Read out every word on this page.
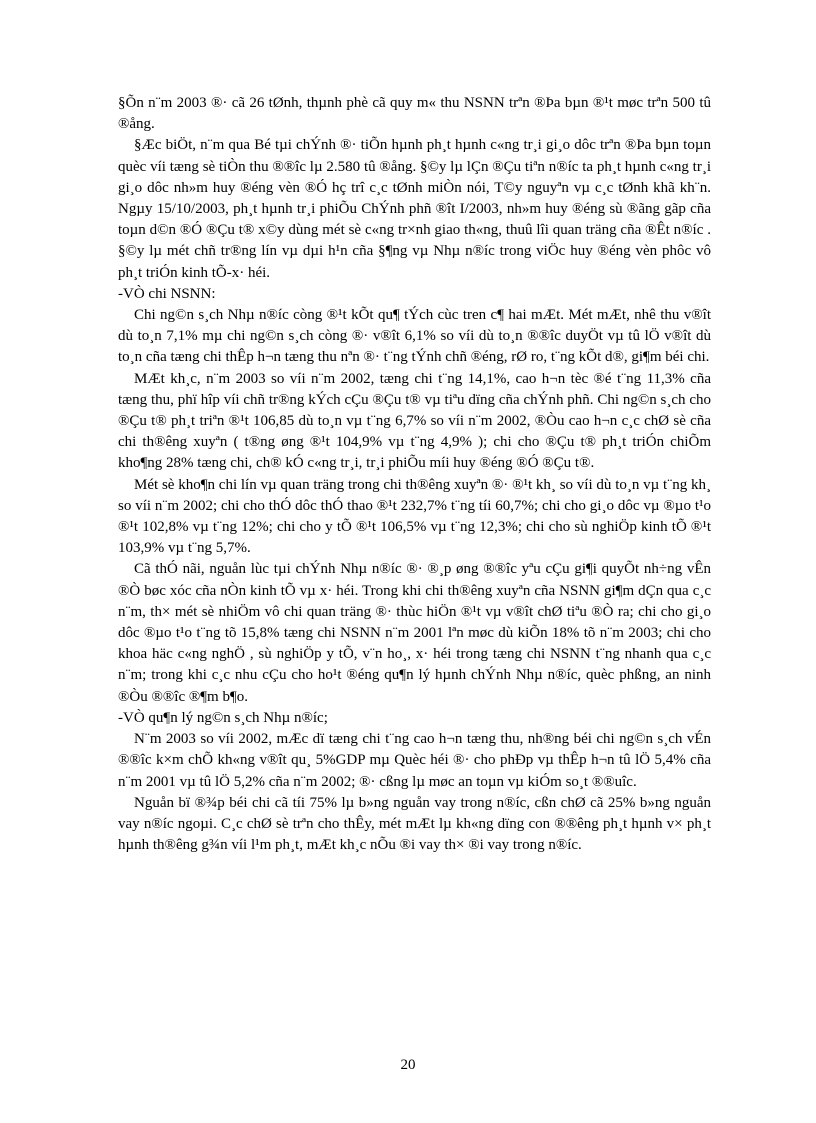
§Õn n¨m 2003 ®· cã 26 tØnh, thµnh phè cã quy m« thu NSNN trªn ®Þa bµn ®¹t møc trªn 500 tû ®ång.

§Æc biÖt, n¨m qua Bé tµi chÝnh ®· tiÕn hµnh ph¸t hµnh c«ng tr¸i gi¸o dôc trªn ®Þa bµn toµn quèc víi tæng sè tiÒn thu ®®îc lµ 2.580 tû ®ång. §©y lµ lÇn ®Çu tiªn n®íc ta ph¸t hµnh c«ng tr¸i gi¸o dôc nh»m huy ®éng vèn ®Ó hç trî c¸c tØnh miÒn nói, T©y nguyªn vµ c¸c tØnh khã kh¨n. Ngµy 15/10/2003, ph¸t hµnh tr¸i phiÕu ChÝnh phñ ®ît I/2003, nh»m huy ®éng sù ®ãng gãp cña toµn d©n ®Ó ®Çu t® x©y dùng mét sè c«ng tr×nh giao th«ng, thuû lîi quan träng cña ®Êt n®íc . §©y lµ mét chñ tr®ng lín vµ dµi h¹n cña §¶ng vµ Nhµ n®íc trong viÖc huy ®éng vèn phôc vô ph¸t triÓn kinh tÕ-x· héi.

-VÒ chi NSNN:

Chi ng©n s¸ch Nhµ n®íc còng ®¹t kÕt qu¶ tÝch cùc tren c¶ hai mÆt. Mét mÆt, nhê thu v®ît dù to¸n 7,1% mµ chi ng©n s¸ch còng ®· v®ît 6,1% so víi dù to¸n ®®îc duyÖt vµ tû lÖ v®ît dù to¸n cña tæng chi thÊp h¬n tæng thu nªn ®· t¨ng tÝnh chñ ®éng, rØ ro, t¨ng kÕt d®, gi¶m béi chi.

MÆt kh¸c, n¨m 2003 so víi n¨m 2002, tæng chi t¨ng 14,1%, cao h¬n tèc ®é t¨ng 11,3% cña tæng thu, phï hîp víi chñ tr®ng kÝch cÇu ®Çu t® vµ tiªu dïng cña chÝnh phñ. Chi ng©n s¸ch cho ®Çu t® ph¸t triªn ®¹t 106,85 dù to¸n vµ t¨ng 6,7% so víi n¨m 2002, ®Òu cao h¬n c¸c chØ sè cña chi th®êng xuyªn ( t®ng øng ®¹t 104,9% vµ t¨ng 4,9% ); chi cho ®Çu t® ph¸t triÓn chiÕm kho¶ng 28% tæng chi, ch® kÓ c«ng tr¸i, tr¸i phiÕu míi huy ®éng ®Ó ®Çu t®.

Mét sè kho¶n chi lín vµ quan träng trong chi th®êng xuyªn ®· ®¹t kh¸ so víi dù to¸n vµ t¨ng kh¸ so víi n¨m 2002; chi cho thÓ dôc thÓ thao ®¹t 232,7% t¨ng tíi 60,7%; chi cho gi¸o dôc vµ ®µo t¹o ®¹t 102,8% vµ t¨ng 12%; chi cho y tÕ ®¹t 106,5% vµ t¨ng 12,3%; chi cho sù nghiÖp kinh tÕ ®¹t 103,9% vµ t¨ng 5,7%.

Cã thÓ nãi, nguån lùc tµi chÝnh Nhµ n®íc ®· ®¸p øng ®®îc yªu cÇu gi¶i quyÕt nh÷ng vÊn ®Ò bøc xóc cña nÒn kinh tÕ vµ x· héi. Trong khi chi th®êng xuyªn cña NSNN gi¶m dÇn qua c¸c n¨m, th× mét sè nhiÖm vô chi quan träng ®· thùc hiÖn ®¹t vµ v®ît chØ tiªu ®Ò ra; chi cho gi¸o dôc ®µo t¹o t¨ng tõ 15,8% tæng chi NSNN n¨m 2001 lªn møc dù kiÕn 18% tõ n¨m 2003; chi cho khoa häc c«ng nghÖ , sù nghiÖp y tÕ, v¨n ho¸, x· héi trong tæng chi NSNN t¨ng nhanh qua c¸c n¨m; trong khi c¸c nhu cÇu cho ho¹t ®éng qu¶n lý hµnh chÝnh Nhµ n®íc, quèc phßng, an ninh ®Òu ®®îc ®¶m b¶o.

-VÒ qu¶n lý ng©n s¸ch Nhµ n®íc;

N¨m 2003 so víi 2002, mÆc dï tæng chi t¨ng cao h¬n tæng thu, nh®ng béi chi ng©n s¸ch vÉn ®®îc k×m chÕ kh«ng v®ît qu¸ 5%GDP mµ Quèc héi ®· cho phÐp vµ thÊp h¬n tû lÖ 5,4% cña n¨m 2001 vµ tû lÖ 5,2% cña n¨m 2002; ®· cßng lµ møc an toµn vµ kiÓm so¸t ®®uîc.

Nguån bï ®¾p béi chi cã tíi 75% lµ b»ng nguån vay trong n®íc, cßn chØ cã 25% b»ng nguån vay n®íc ngoµi. C¸c chØ sè trªn cho thÊy, mét mÆt lµ kh«ng dïng con ®®êng ph¸t hµnh v× ph¸t hµnh th®êng g¾n víi l¹m ph¸t, mÆt kh¸c nÕu ®i vay th× ®i vay trong n®íc.

20
